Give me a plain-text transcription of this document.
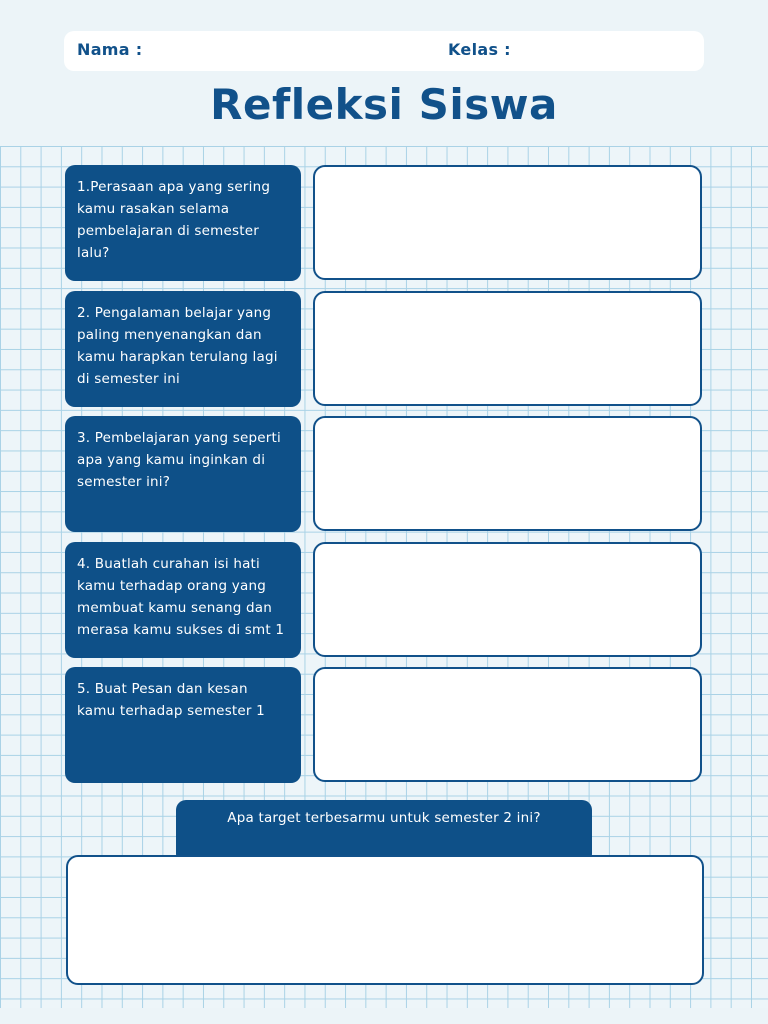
Nama :	Kelas :
Refleksi Siswa
1.Perasaan apa yang sering kamu rasakan selama pembelajaran di semester lalu?
2. Pengalaman belajar yang paling menyenangkan dan kamu harapkan terulang lagi di semester ini
3. Pembelajaran yang seperti apa yang kamu inginkan di semester ini?
4. Buatlah curahan isi hati kamu terhadap orang yang membuat kamu senang dan merasa kamu sukses di smt 1
5. Buat Pesan dan kesan kamu terhadap semester 1
Apa target terbesarmu untuk semester 2 ini?
